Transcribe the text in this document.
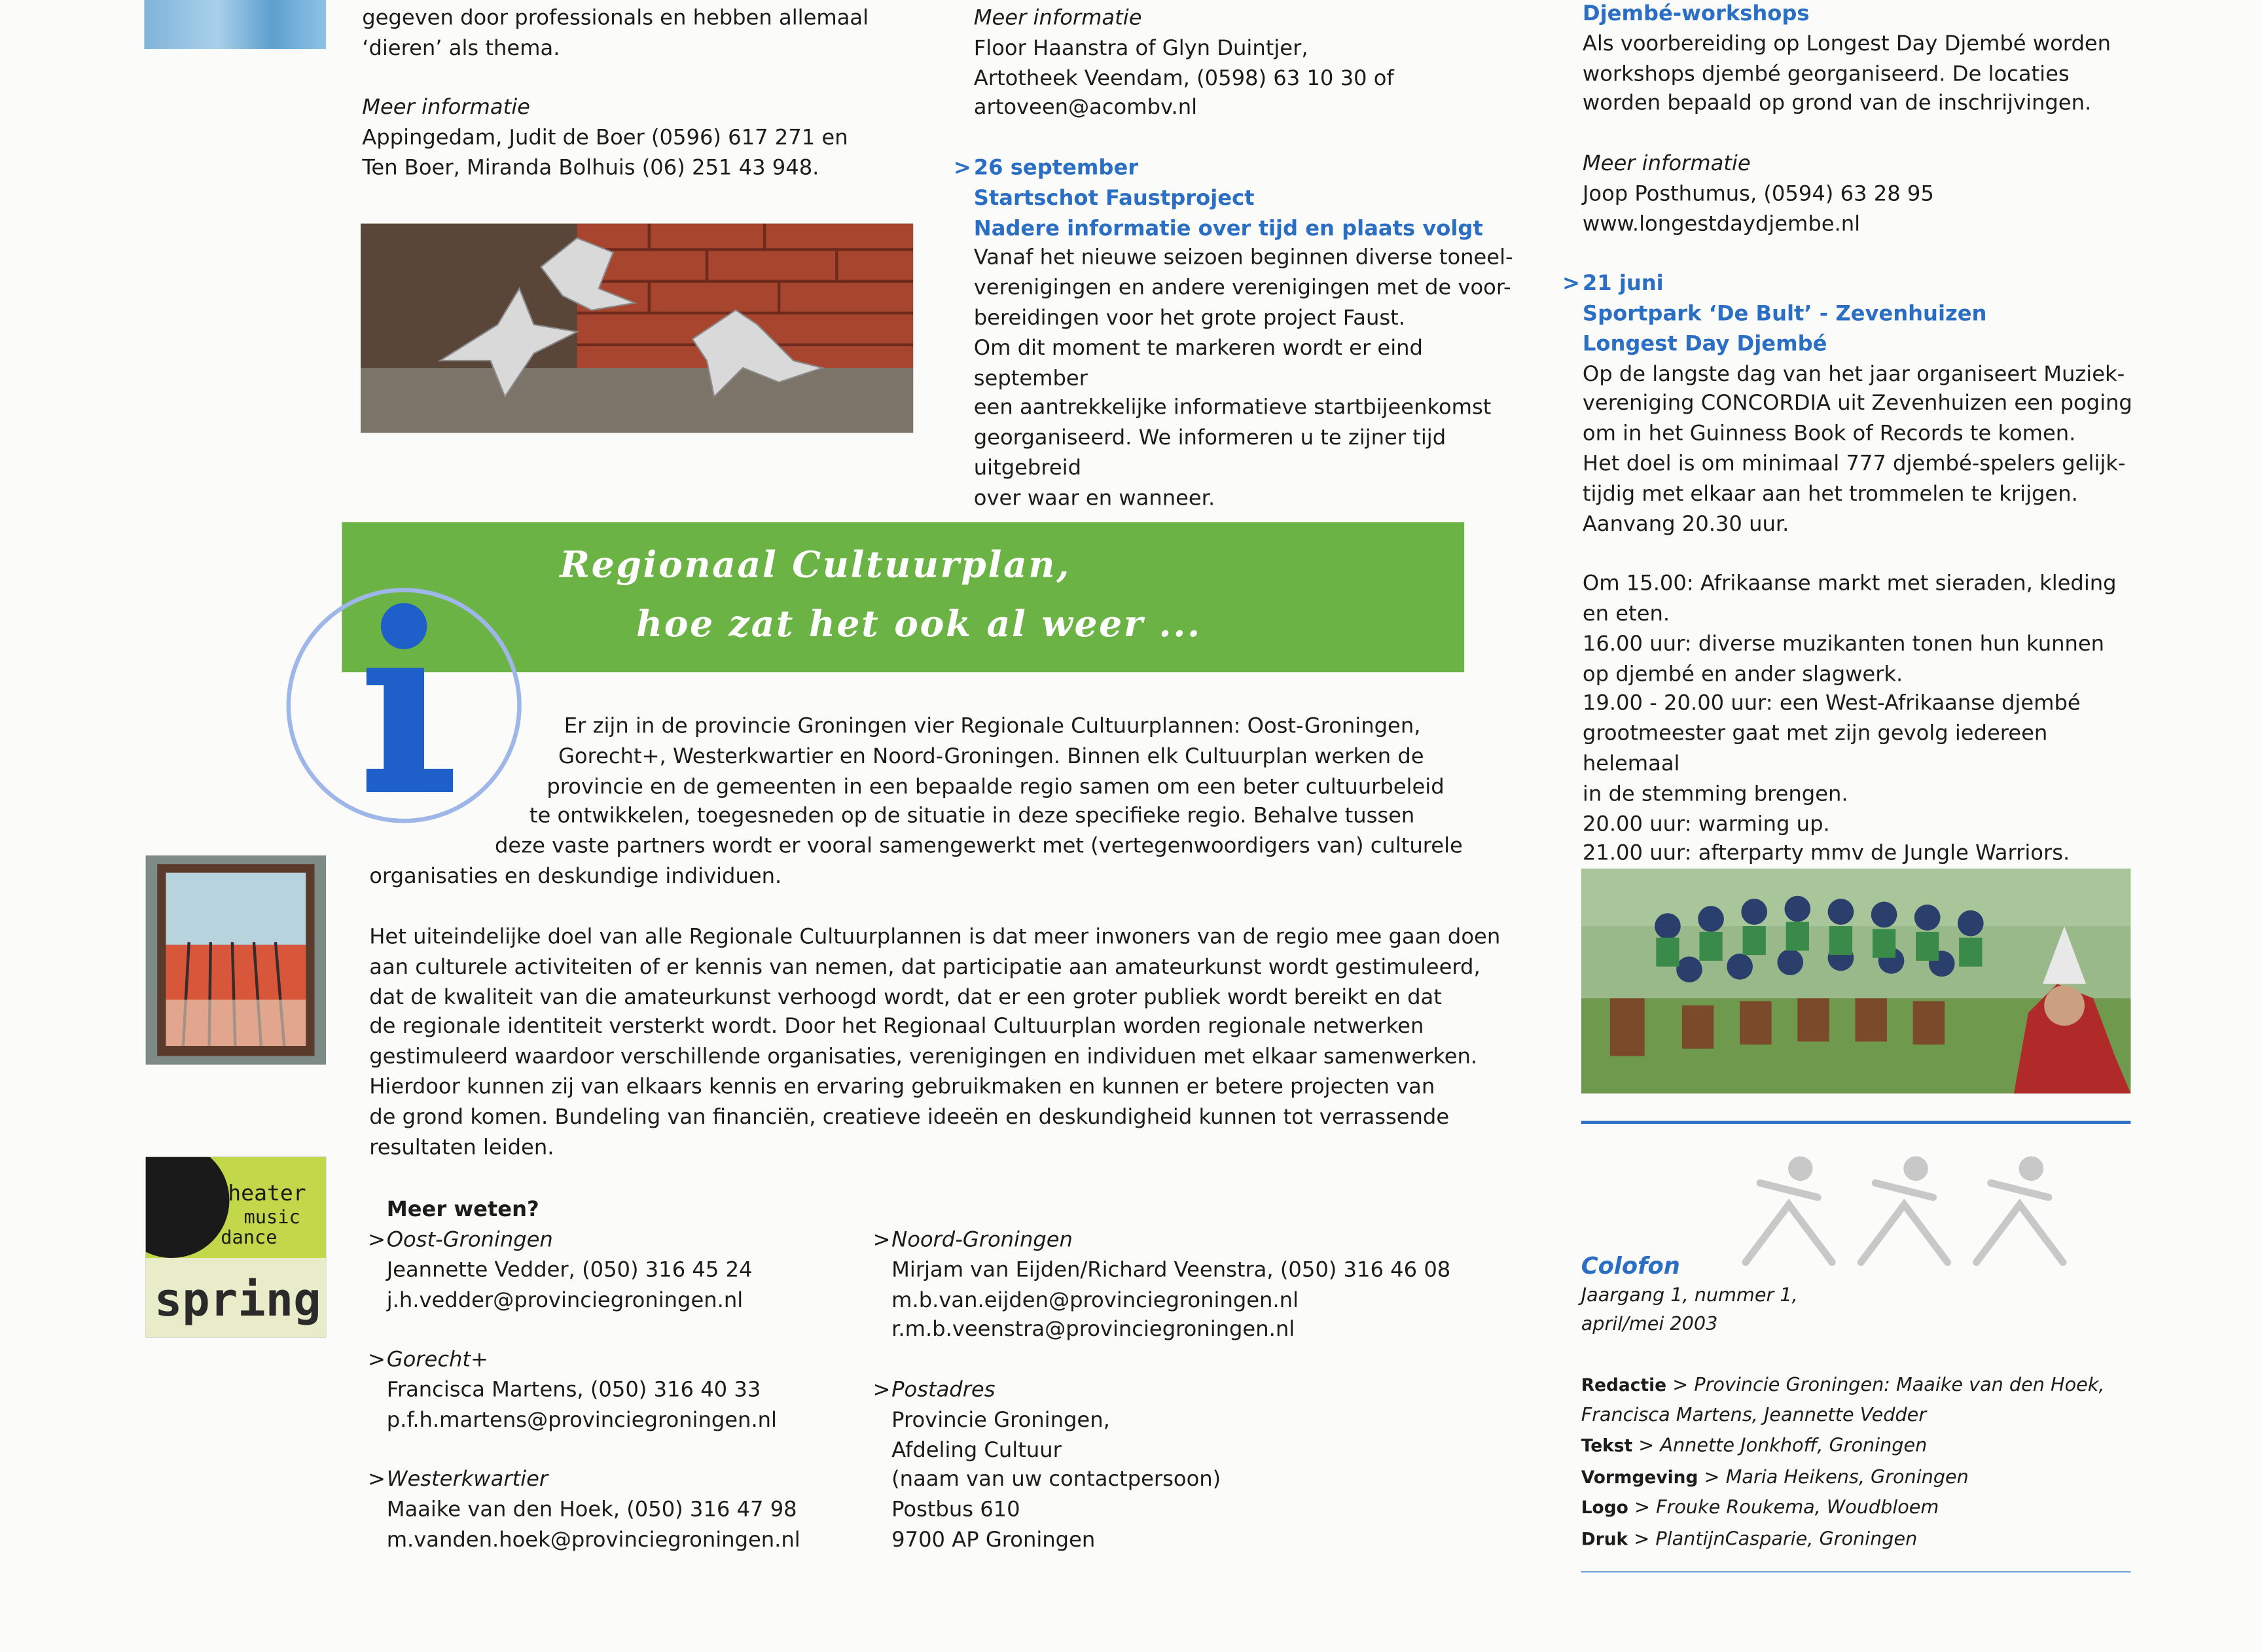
gegeven door professionals en hebben allemaal

‘dieren’ als thema.

Meer informatie

Appingedam, Judit de Boer (0596) 617 271 en

Ten Boer, Miranda Bolhuis (06) 251 43 948.

Meer informatie

Floor Haanstra of Glyn Duintjer,

Artotheek Veendam, (0598) 63 10 30 of

artoveen@acombv.nl

> 26 september

Startschot Faustproject

Nadere informatie over tijd en plaats volgt

Vanaf het nieuwe seizoen beginnen diverse toneel-

verenigingen en andere verenigingen met de voor-

bereidingen voor het grote project Faust.

Om dit moment te markeren wordt er eind september

een aantrekkelijke informatieve startbijeenkomst

georganiseerd. We informeren u te zijner tijd uitgebreid

over waar en wanneer.

Djembé-workshops

Als voorbereiding op Longest Day Djembé worden

workshops djembé georganiseerd. De locaties

worden bepaald op grond van de inschrijvingen.

Meer informatie

Joop Posthumus, (0594) 63 28 95

www.longestdaydjembe.nl

> 21 juni

Sportpark ‘De Bult’ - Zevenhuizen

Longest Day Djembé

Op de langste dag van het jaar organiseert Muziek-

vereniging CONCORDIA uit Zevenhuizen een poging

om in het Guinness Book of Records te komen.

Het doel is om minimaal 777 djembé-spelers gelijk-

tijdig met elkaar aan het trommelen te krijgen.

Aanvang 20.30 uur.

Om 15.00: Afrikaanse markt met sieraden, kleding

en eten.

16.00 uur: diverse muzikanten tonen hun kunnen

op djembé en ander slagwerk.

19.00 - 20.00 uur: een West-Afrikaanse djembé

grootmeester gaat met zijn gevolg iedereen helemaal

in de stemming brengen.

20.00 uur: warming up.

21.00 uur: afterparty mmv de Jungle Warriors.

Colofon

Jaargang 1, nummer 1,

april/mei 2003

Redactie > Provincie Groningen: Maaike van den Hoek,

Francisca Martens, Jeannette Vedder

Tekst > Annette Jonkhoff, Groningen

Vormgeving > Maria Heikens, Groningen

Logo > Frouke Roukema, Woudbloem

Druk > PlantijnCasparie, Groningen

Regionaal Cultuurplan,
hoe zat het ook al weer ...

Er zijn in de provincie Groningen vier Regionale Cultuurplannen: Oost-Groningen,

Gorecht+, Westerkwartier en Noord-Groningen. Binnen elk Cultuurplan werken de

provincie en de gemeenten in een bepaalde regio samen om een beter cultuurbeleid

te ontwikkelen, toegesneden op de situatie in deze specifieke regio. Behalve tussen

deze vaste partners wordt er vooral samengewerkt met (vertegenwoordigers van) culturele

organisaties en deskundige individuen.

Het uiteindelijke doel van alle Regionale Cultuurplannen is dat meer inwoners van de regio mee gaan doen

aan culturele activiteiten of er kennis van nemen, dat participatie aan amateurkunst wordt gestimuleerd,

dat de kwaliteit van die amateurkunst verhoogd wordt, dat er een groter publiek wordt bereikt en dat

de regionale identiteit versterkt wordt. Door het Regionaal Cultuurplan worden regionale netwerken

gestimuleerd waardoor verschillende organisaties, verenigingen en individuen met elkaar samenwerken.

Hierdoor kunnen zij van elkaars kennis en ervaring gebruikmaken en kunnen er betere projecten van

de grond komen. Bundeling van financiën, creatieve ideeën en deskundigheid kunnen tot verrassende

resultaten leiden.

theater
music
dance
spring

Meer weten?

> Oost-Groningen

Jeannette Vedder, (050) 316 45 24

j.h.vedder@provinciegroningen.nl

> Gorecht+

Francisca Martens, (050) 316 40 33

p.f.h.martens@provinciegroningen.nl

> Westerkwartier

Maaike van den Hoek, (050) 316 47 98

m.vanden.hoek@provinciegroningen.nl

> Noord-Groningen

Mirjam van Eijden/Richard Veenstra, (050) 316 46 08

m.b.van.eijden@provinciegroningen.nl

r.m.b.veenstra@provinciegroningen.nl

> Postadres

Provincie Groningen,

Afdeling Cultuur

(naam van uw contactpersoon)

Postbus 610

9700 AP Groningen
